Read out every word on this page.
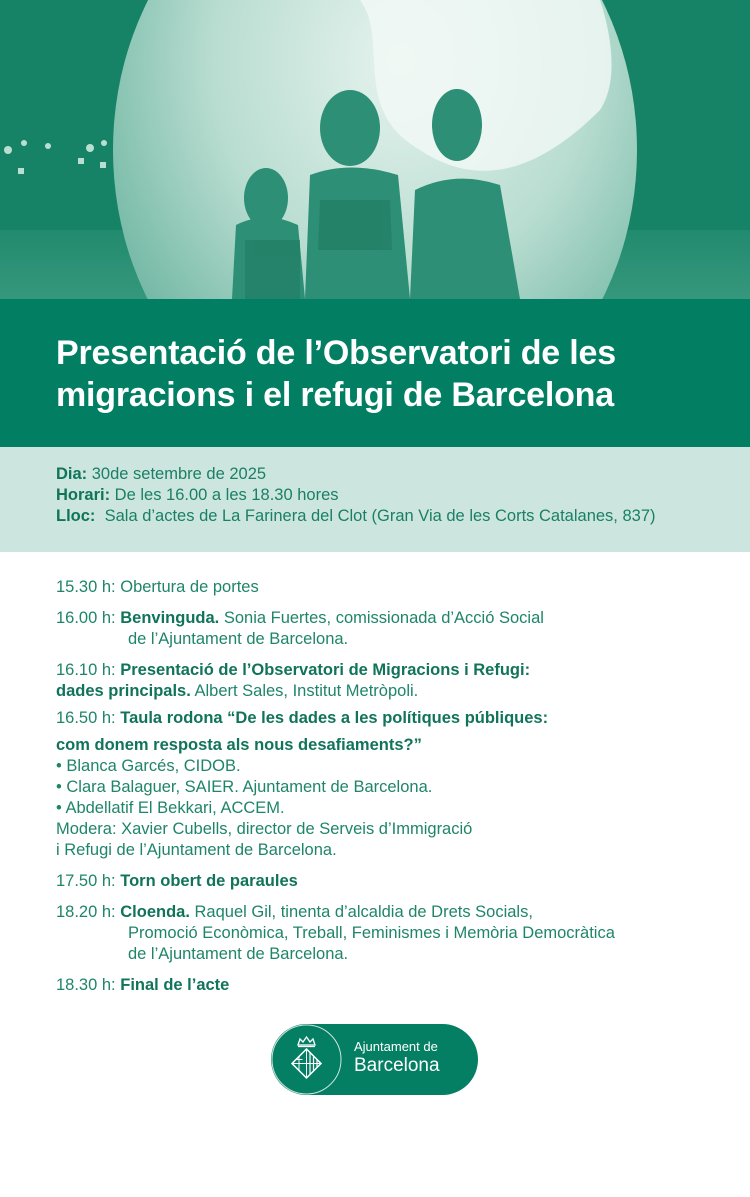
Presentació de l’Observatori de les
migracions i el refugi de Barcelona
Dia: 30de setembre de 2025
Horari: De les 16.00 a les 18.30 hores
Lloc:  Sala d’actes de La Farinera del Clot (Gran Via de les Corts Catalanes, 837)

15.30 h: Obertura de portes

16.00 h: Benvinguda. Sonia Fuertes, comissionada d’Acció Social
de l’Ajuntament de Barcelona.

16.10 h: Presentació de l’Observatori de Migracions i Refugi:
dades principals. Albert Sales, Institut Metròpoli.

16.50 h: Taula rodona “De les dades a les polítiques públiques:
com donem resposta als nous desafiaments?”
• Blanca Garcés, CIDOB.
• Clara Balaguer, SAIER. Ajuntament de Barcelona.
• Abdellatif El Bekkari, ACCEM.
Modera: Xavier Cubells, director de Serveis d’Immigració
i Refugi de l’Ajuntament de Barcelona.

17.50 h: Torn obert de paraules

18.20 h: Cloenda. Raquel Gil, tinenta d’alcaldia de Drets Socials,
Promoció Econòmica, Treball, Feminismes i Memòria Democràtica
de l’Ajuntament de Barcelona.

18.30 h: Final de l’acte

Ajuntament de
Barcelona
